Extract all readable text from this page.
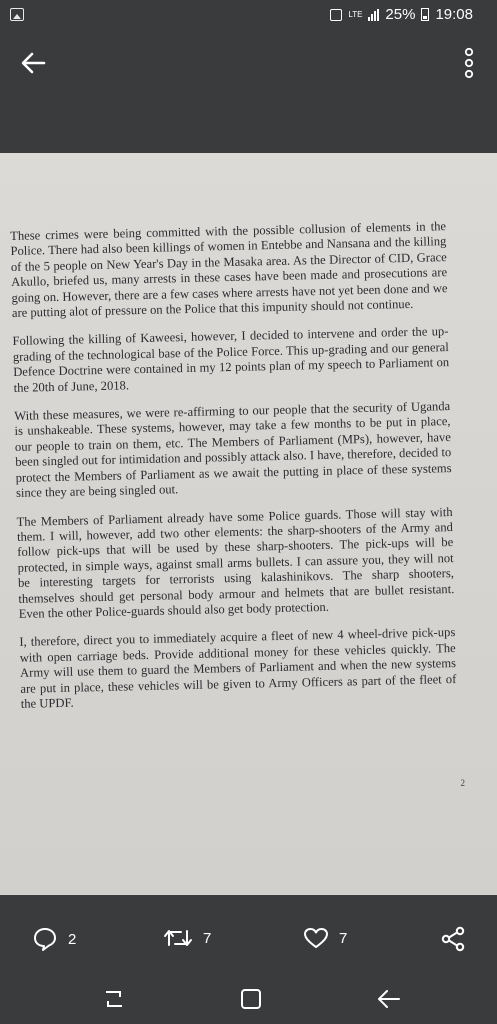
LTE 25% 19:08

These crimes were being committed with the possible collusion of elements in the Police. There had also been killings of women in Entebbe and Nansana and the killing of the 5 people on New Year's Day in the Masaka area. As the Director of CID, Grace Akullo, briefed us, many arrests in these cases have been made and prosecutions are going on. However, there are a few cases where arrests have not yet been done and we are putting alot of pressure on the Police that this impunity should not continue.

Following the killing of Kaweesi, however, I decided to intervene and order the up-grading of the technological base of the Police Force. This up-grading and our general Defence Doctrine were contained in my 12 points plan of my speech to Parliament on the 20th of June, 2018.

With these measures, we were re-affirming to our people that the security of Uganda is unshakeable. These systems, however, may take a few months to be put in place, our people to train on them, etc. The Members of Parliament (MPs), however, have been singled out for intimidation and possibly attack also. I have, therefore, decided to protect the Members of Parliament as we await the putting in place of these systems since they are being singled out.

The Members of Parliament already have some Police guards. Those will stay with them. I will, however, add two other elements: the sharp-shooters of the Army and follow pick-ups that will be used by these sharp-shooters. The pick-ups will be protected, in simple ways, against small arms bullets. I can assure you, they will not be interesting targets for terrorists using kalashinikovs. The sharp shooters, themselves should get personal body armour and helmets that are bullet resistant. Even the other Police-guards should also get body protection.

I, therefore, direct you to immediately acquire a fleet of new 4 wheel-drive pick-ups with open carriage beds. Provide additional money for these vehicles quickly. The Army will use them to guard the Members of Parliament and when the new systems are put in place, these vehicles will be given to Army Officers as part of the fleet of the UPDF.

2
2	7	7
